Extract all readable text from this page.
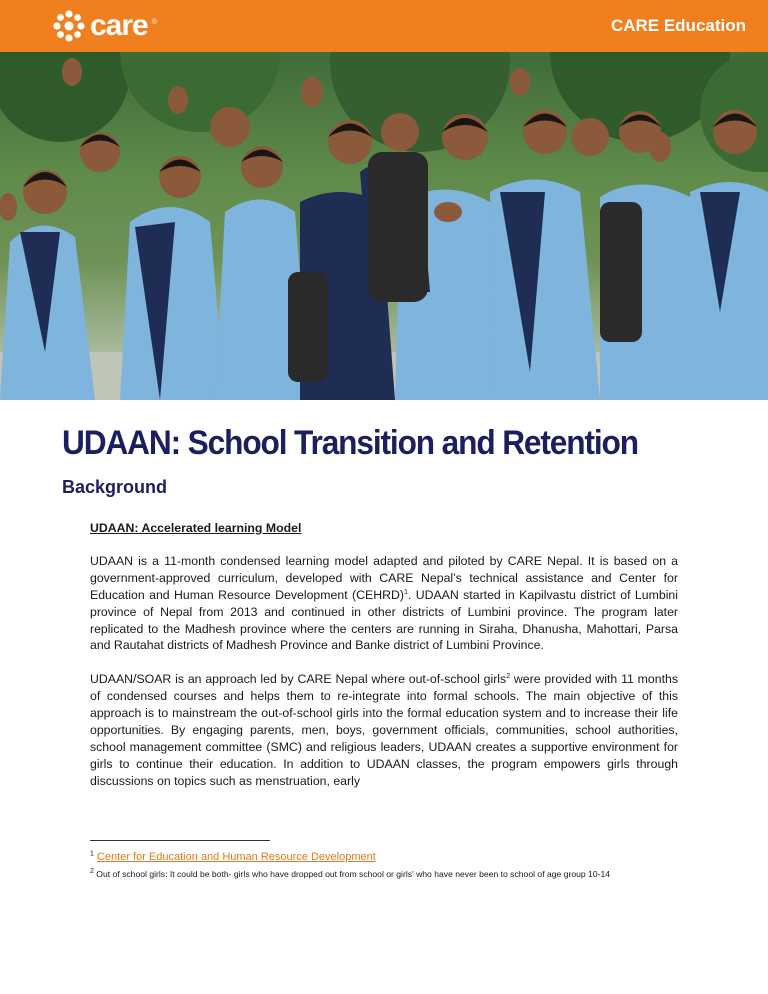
care ®	CARE Education
UDAAN: School Transition and Retention
Background

UDAAN: Accelerated learning Model

UDAAN is a 11-month condensed learning model adapted and piloted by CARE Nepal. It is based on a government-approved curriculum, developed with CARE Nepal’s technical assistance and Center for Education and Human Resource Development (CEHRD)$^1$. UDAAN started in Kapilvastu district of Lumbini province of Nepal from 2013 and continued in other districts of Lumbini province. The program later replicated to the Madhesh province where the centers are running in Siraha, Dhanusha, Mahottari, Parsa and Rautahat districts of Madhesh Province and Banke district of Lumbini Province.

UDAAN/SOAR is an approach led by CARE Nepal where out-of-school girls$^2$ were provided with 11 months of condensed courses and helps them to re-integrate into formal schools. The main objective of this approach is to mainstream the out-of-school girls into the formal education system and to increase their life opportunities. By engaging parents, men, boys, government officials, communities, school authorities, school management committee (SMC) and religious leaders, UDAAN creates a supportive environment for girls to continue their education. In addition to UDAAN classes, the program empowers girls through discussions on topics such as menstruation, early

$^1$ Center for Education and Human Resource Development
$^2$ Out of school girls: It could be both- girls who have dropped out from school or girls' who have never been to school of age group 10-14
